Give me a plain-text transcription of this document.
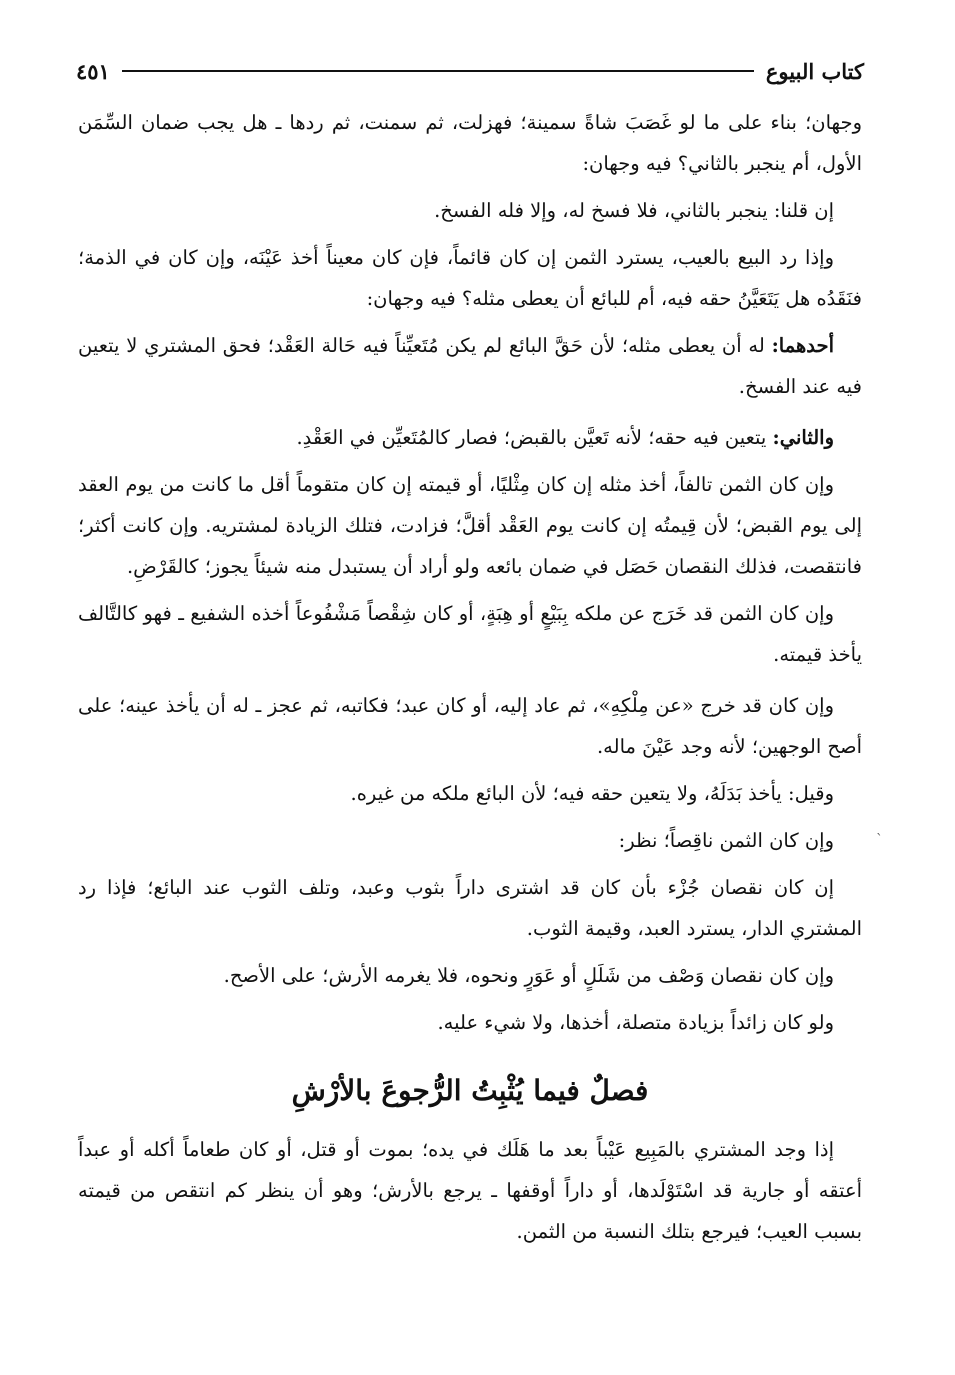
كتاب البيوع
٤٥١

وجهان؛ بناء على ما لو غَصَبَ شاةً سمينة؛ فهزلت، ثم سمنت، ثم ردها ـ هل يجب ضمان السِّمَن الأول، أم ينجبر بالثاني؟ فيه وجهان:

إن قلنا: ينجبر بالثاني، فلا فسخ له، وإلا فله الفسخ.

وإذا رد البيع بالعيب، يسترد الثمن إن كان قائماً، فإن كان معيناً أخذ عَيْنَه، وإن كان في الذمة؛ فنَقَدُه هل يَتَعَيَّنُ حقه فيه، أم للبائع أن يعطى مثله؟ فيه وجهان:

أحدهما: له أن يعطى مثله؛ لأن حَقَّ البائع لم يكن مُتَعيِّناً فيه حَالة العَقْد؛ فحق المشتري لا يتعين فيه عند الفسخ.

والثاني: يتعين فيه حقه؛ لأنه تَعيَّن بالقبض؛ فصار كالمُتَعيِّن في العَقْدِ.

وإن كان الثمن تالفاً، أخذ مثله إن كان مِثْليًا، أو قيمته إن كان متقوماً أقل ما كانت من يوم العقد إلى يوم القبض؛ لأن قِيمتُه إن كانت يوم العَقْد أقلَّ؛ فزادت، فتلك الزيادة لمشتريه. وإن كانت أكثر؛ فانتقصت، فذلك النقصان حَصَل في ضمان بائعه ولو أراد أن يستبدل منه شيئاً يجوز؛ كالقَرْضِ.

وإن كان الثمن قد خَرَج عن ملكه بِبَيْعٍ أو هِبَةٍ، أو كان شِقْصاً مَشْفُوعاً أخذه الشفيع ـ فهو كالتَّالف يأخذ قيمته.

وإن كان قد خرج «عن مِلْكِهِ»، ثم عاد إليه، أو كان عبد؛ فكاتبه، ثم عجز ـ له أن يأخذ عينه؛ على أصح الوجهين؛ لأنه وجد عَيْنَ ماله.

وقيل: يأخذ بَدَلَهُ، ولا يتعين حقه فيه؛ لأن البائع ملكه من غيره.

وإن كان الثمن ناقِصاً؛ نظر:

إن كان نقصان جُزْء بأن كان قد اشترى داراً بثوب وعبد، وتلف الثوب عند البائع؛ فإذا رد المشتري الدار، يسترد العبد، وقيمة الثوب.

وإن كان نقصان وَصْف من شَلَلٍ أو عَوَرٍ ونحوه، فلا يغرمه الأرش؛ على الأصح.

ولو كان زائداً بزيادة متصلة، أخذها، ولا شيء عليه.

فصلٌ فيما يُثْبِتُ الرُّجوعَ بالأرْشِ

إذا وجد المشتري بالمَبِيع عَيْباً بعد ما هَلَك في يده؛ بموت أو قتل، أو كان طعاماً أكله أو عبداً أعتقه أو جارية قد اسْتَوْلَدها، أو داراً أوقفها ـ يرجع بالأرش؛ وهو أن ينظر كم انتقص من قيمته بسبب العيب؛ فيرجع بتلك النسبة من الثمن.

`
